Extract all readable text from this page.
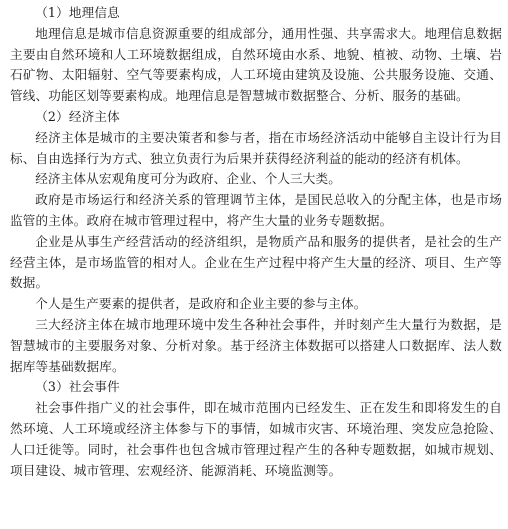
（1）地理信息

地理信息是城市信息资源重要的组成部分，通用性强、共享需求大。地理信息数据主要由自然环境和人工环境数据组成，自然环境由水系、地貌、植被、动物、土壤、岩石矿物、太阳辐射、空气等要素构成，人工环境由建筑及设施、公共服务设施、交通、管线、功能区划等要素构成。地理信息是智慧城市数据整合、分析、服务的基础。

（2）经济主体

经济主体是城市的主要决策者和参与者，指在市场经济活动中能够自主设计行为目标、自由选择行为方式、独立负责行为后果并获得经济利益的能动的经济有机体。

经济主体从宏观角度可分为政府、企业、个人三大类。

政府是市场运行和经济关系的管理调节主体，是国民总收入的分配主体，也是市场监管的主体。政府在城市管理过程中，将产生大量的业务专题数据。

企业是从事生产经营活动的经济组织，是物质产品和服务的提供者，是社会的生产经营主体，是市场监管的相对人。企业在生产过程中将产生大量的经济、项目、生产等数据。

个人是生产要素的提供者，是政府和企业主要的参与主体。

三大经济主体在城市地理环境中发生各种社会事件，并时刻产生大量行为数据，是智慧城市的主要服务对象、分析对象。基于经济主体数据可以搭建人口数据库、法人数据库等基础数据库。

（3）社会事件

社会事件指广义的社会事件，即在城市范围内已经发生、正在发生和即将发生的自然环境、人工环境或经济主体参与下的事情，如城市灾害、环境治理、突发应急抢险、人口迁徙等。同时，社会事件也包含城市管理过程产生的各种专题数据，如城市规划、项目建设、城市管理、宏观经济、能源消耗、环境监测等。
